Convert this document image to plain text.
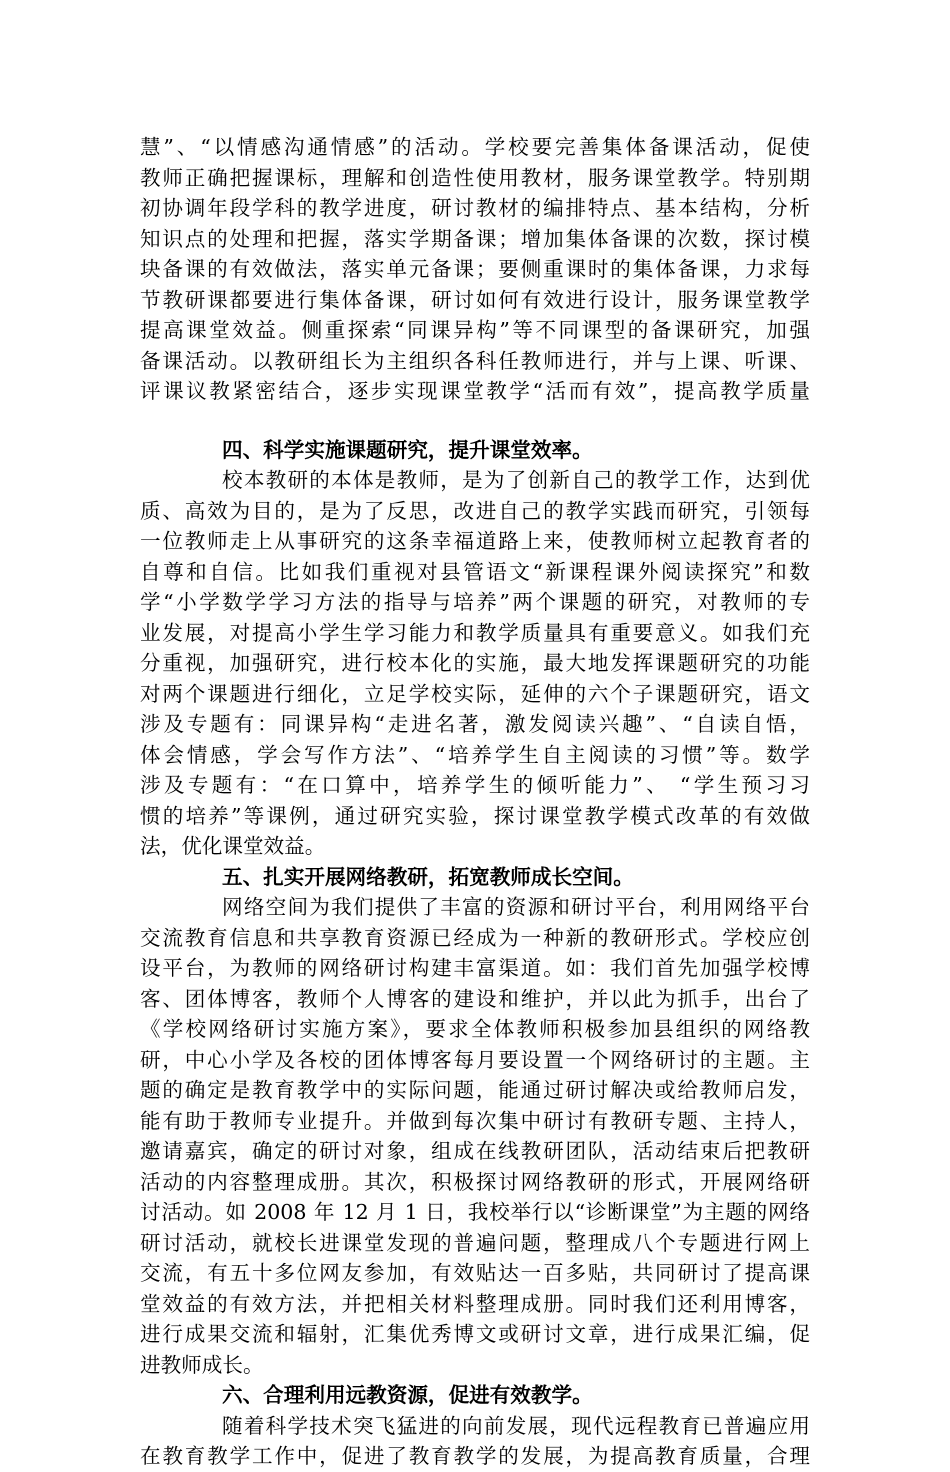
慧”、“以情感沟通情感”的活动。学校要完善集体备课活动，促使
教师正确把握课标，理解和创造性使用教材，服务课堂教学。特别期
初协调年段学科的教学进度，研讨教材的编排特点、基本结构，分析
知识点的处理和把握，落实学期备课；增加集体备课的次数，探讨模
块备课的有效做法，落实单元备课；要侧重课时的集体备课，力求每
节教研课都要进行集体备课，研讨如何有效进行设计，服务课堂教学
提高课堂效益。侧重探索“同课异构”等不同课型的备课研究，加强
备课活动。以教研组长为主组织各科任教师进行，并与上课、听课、
评课议教紧密结合，逐步实现课堂教学“活而有效”，提高教学质量
四、科学实施课题研究，提升课堂效率。
校本教研的本体是教师，是为了创新自己的教学工作，达到优
质、高效为目的，是为了反思，改进自己的教学实践而研究，引领每
一位教师走上从事研究的这条幸福道路上来，使教师树立起教育者的
自尊和自信。比如我们重视对县管语文“新课程课外阅读探究”和数
学“小学数学学习方法的指导与培养”两个课题的研究，对教师的专
业发展，对提高小学生学习能力和教学质量具有重要意义。如我们充
分重视，加强研究，进行校本化的实施，最大地发挥课题研究的功能
对两个课题进行细化，立足学校实际，延伸的六个子课题研究，语文
涉及专题有：同课异构“走进名著，激发阅读兴趣”、“自读自悟，
体会情感，学会写作方法”、“培养学生自主阅读的习惯”等。数学
涉及专题有：“在口算中，培养学生的倾听能力”、 “学生预习习
惯的培养”等课例，通过研究实验，探讨课堂教学模式改革的有效做
法，优化课堂效益。
五、扎实开展网络教研，拓宽教师成长空间。
网络空间为我们提供了丰富的资源和研讨平台，利用网络平台
交流教育信息和共享教育资源已经成为一种新的教研形式。学校应创
设平台，为教师的网络研讨构建丰富渠道。如：我们首先加强学校博
客、团体博客，教师个人博客的建设和维护，并以此为抓手，出台了
《学校网络研讨实施方案》，要求全体教师积极参加县组织的网络教
研，中心小学及各校的团体博客每月要设置一个网络研讨的主题。主
题的确定是教育教学中的实际问题，能通过研讨解决或给教师启发，
能有助于教师专业提升。并做到每次集中研讨有教研专题、主持人，
邀请嘉宾，确定的研讨对象，组成在线教研团队，活动结束后把教研
活动的内容整理成册。其次，积极探讨网络教研的形式，开展网络研
讨活动。如 2008 年 12 月 1 日，我校举行以“诊断课堂”为主题的网络
研讨活动，就校长进课堂发现的普遍问题，整理成八个专题进行网上
交流，有五十多位网友参加，有效贴达一百多贴，共同研讨了提高课
堂效益的有效方法，并把相关材料整理成册。同时我们还利用博客，
进行成果交流和辐射，汇集优秀博文或研讨文章，进行成果汇编，促
进教师成长。
六、合理利用远教资源，促进有效教学。
随着科学技术突飞猛进的向前发展，现代远程教育已普遍应用
在教育教学工作中，促进了教育教学的发展，为提高教育质量，合理
